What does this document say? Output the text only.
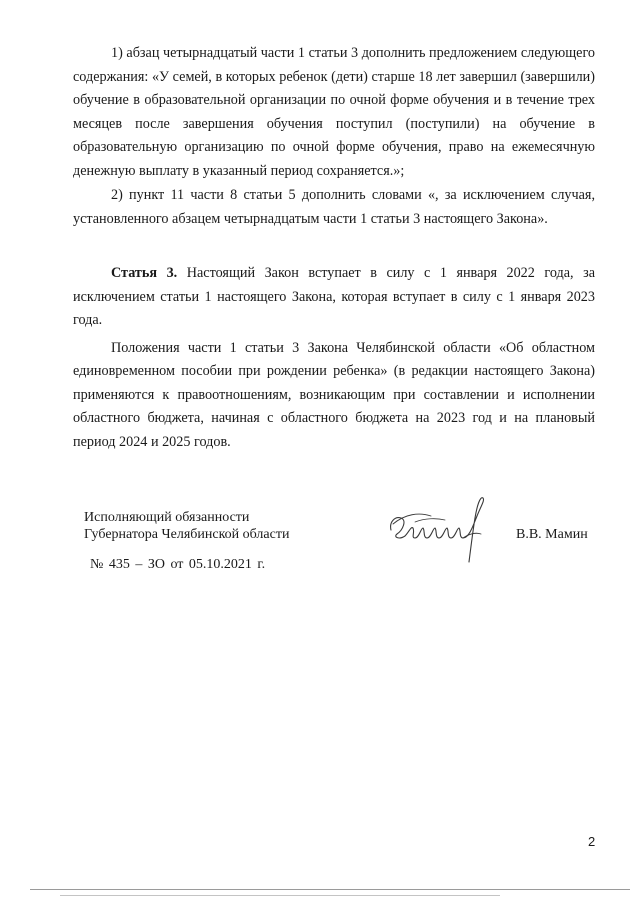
1) абзац четырнадцатый части 1 статьи 3 дополнить предложением следующего содержания: «У семей, в которых ребенок (дети) старше 18 лет завершил (завершили) обучение в образовательной организации по очной форме обучения и в течение трех месяцев после завершения обучения поступил (поступили) на обучение в образовательную организацию по очной форме обучения, право на ежемесячную денежную выплату в указанный период сохраняется.»;

2) пункт 11 части 8 статьи 5 дополнить словами «, за исключением случая, установленного абзацем четырнадцатым части 1 статьи 3 настоящего Закона».

Статья 3. Настоящий Закон вступает в силу с 1 января 2022 года, за исключением статьи 1 настоящего Закона, которая вступает в силу с 1 января 2023 года.

Положения части 1 статьи 3 Закона Челябинской области «Об областном единовременном пособии при рождении ребенка» (в редакции настоящего Закона) применяются к правоотношениям, возникающим при составлении и исполнении областного бюджета, начиная с областного бюджета на 2023 год и на плановый период 2024 и 2025 годов.

Исполняющий обязанности
Губернатора Челябинской области	В.В. Мамин
№ 435 – ЗО от 05.10.2021 г.
2
